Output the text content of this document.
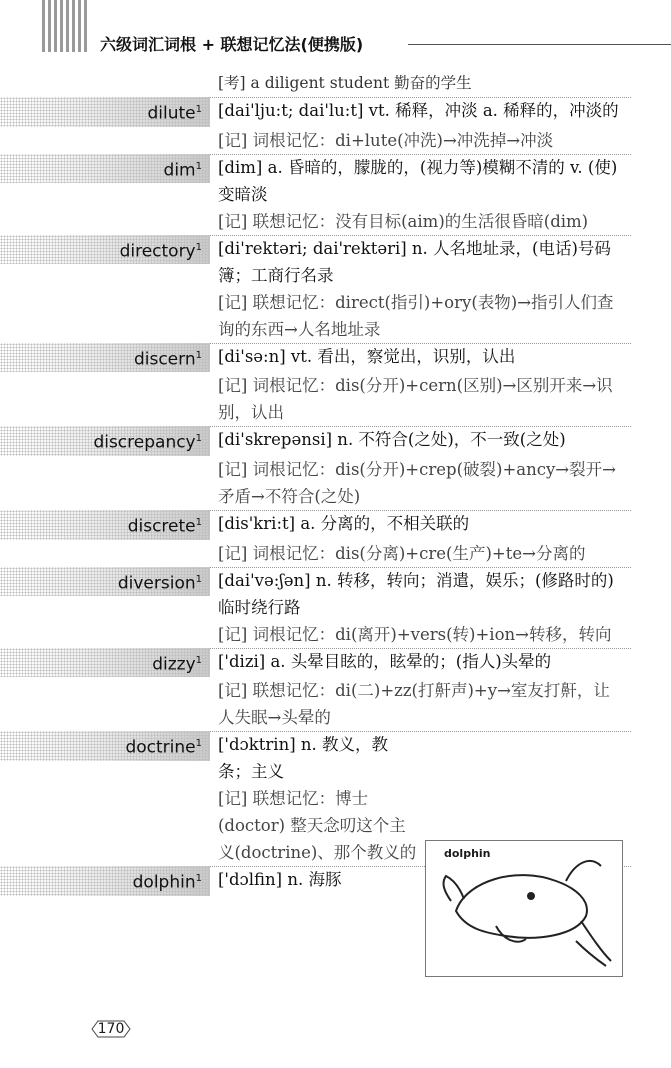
六级词汇词根 + 联想记忆法(便携版)
[考] a diligent student 勤奋的学生
dilute$^1$ [dai'lju:t; dai'lu:t] vt. 稀释，冲淡 a. 稀释的，冲淡的

[记] 词根记忆：di+lute(冲洗)→冲洗掉→冲淡

dim$^1$ [dim] a. 昏暗的，朦胧的，(视力等)模糊不清的 v. (使)变暗淡

[记] 联想记忆：没有目标(aim)的生活很昏暗(dim)

directory$^1$ [di'rektəri; dai'rektəri] n. 人名地址录，(电话)号码簿；工商行名录

[记] 联想记忆：direct(指引)+ory(表物)→指引人们查询的东西→人名地址录

discern$^1$ [di'sə:n] vt. 看出，察觉出，识别，认出

[记] 词根记忆：dis(分开)+cern(区别)→区别开来→识别，认出

discrepancy$^1$ [di'skrepənsi] n. 不符合(之处)，不一致(之处)

[记] 词根记忆：dis(分开)+crep(破裂)+ancy→裂开→矛盾→不符合(之处)

discrete$^1$ [dis'kri:t] a. 分离的，不相关联的

[记] 词根记忆：dis(分离)+cre(生产)+te→分离的

diversion$^1$ [dai'və:ʃən] n. 转移，转向；消遣，娱乐；(修路时的)临时绕行路

[记] 词根记忆：di(离开)+vers(转)+ion→转移，转向

dizzy$^1$ ['dizi] a. 头晕目眩的，眩晕的；(指人)头晕的

[记] 联想记忆：di(二)+zz(打鼾声)+y→室友打鼾，让人失眠→头晕的

doctrine$^1$ ['dɔktrin] n. 教义，教条；主义

[记] 联想记忆：博士(doctor) 整天念叨这个主义(doctrine)、那个教义的

dolphin$^1$ ['dɔlfin] n. 海豚
dolphin
170
